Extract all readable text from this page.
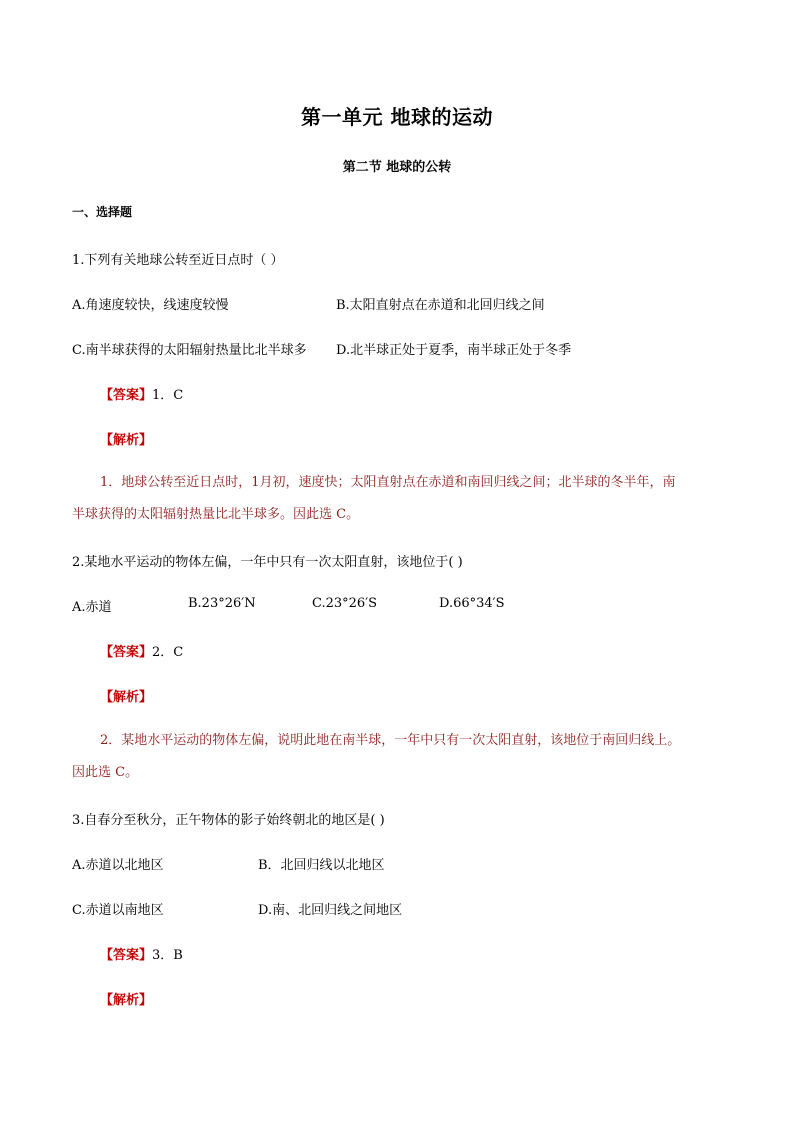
第一单元 地球的运动
第二节 地球的公转
一、选择题
1.下列有关地球公转至近日点时（ ）
A.角速度较快，线速度较慢	B.太阳直射点在赤道和北回归线之间
C.南半球获得的太阳辐射热量比北半球多 D.北半球正处于夏季，南半球正处于冬季
【答案】1．C
【解析】
1．地球公转至近日点时，1月初，速度快；太阳直射点在赤道和南回归线之间；北半球的冬半年，南
半球获得的太阳辐射热量比北半球多。因此选 C。
2.某地水平运动的物体左偏，一年中只有一次太阳直射，该地位于( )
A.赤道	B.23°26′N	C.23°26′S	D.66°34′S
【答案】2．C
【解析】
2．某地水平运动的物体左偏，说明此地在南半球，一年中只有一次太阳直射，该地位于南回归线上。
因此选 C。
3.自春分至秋分，正午物体的影子始终朝北的地区是( )
A.赤道以北地区	B．北回归线以北地区
C.赤道以南地区	D.南、北回归线之间地区
【答案】3．B
【解析】
